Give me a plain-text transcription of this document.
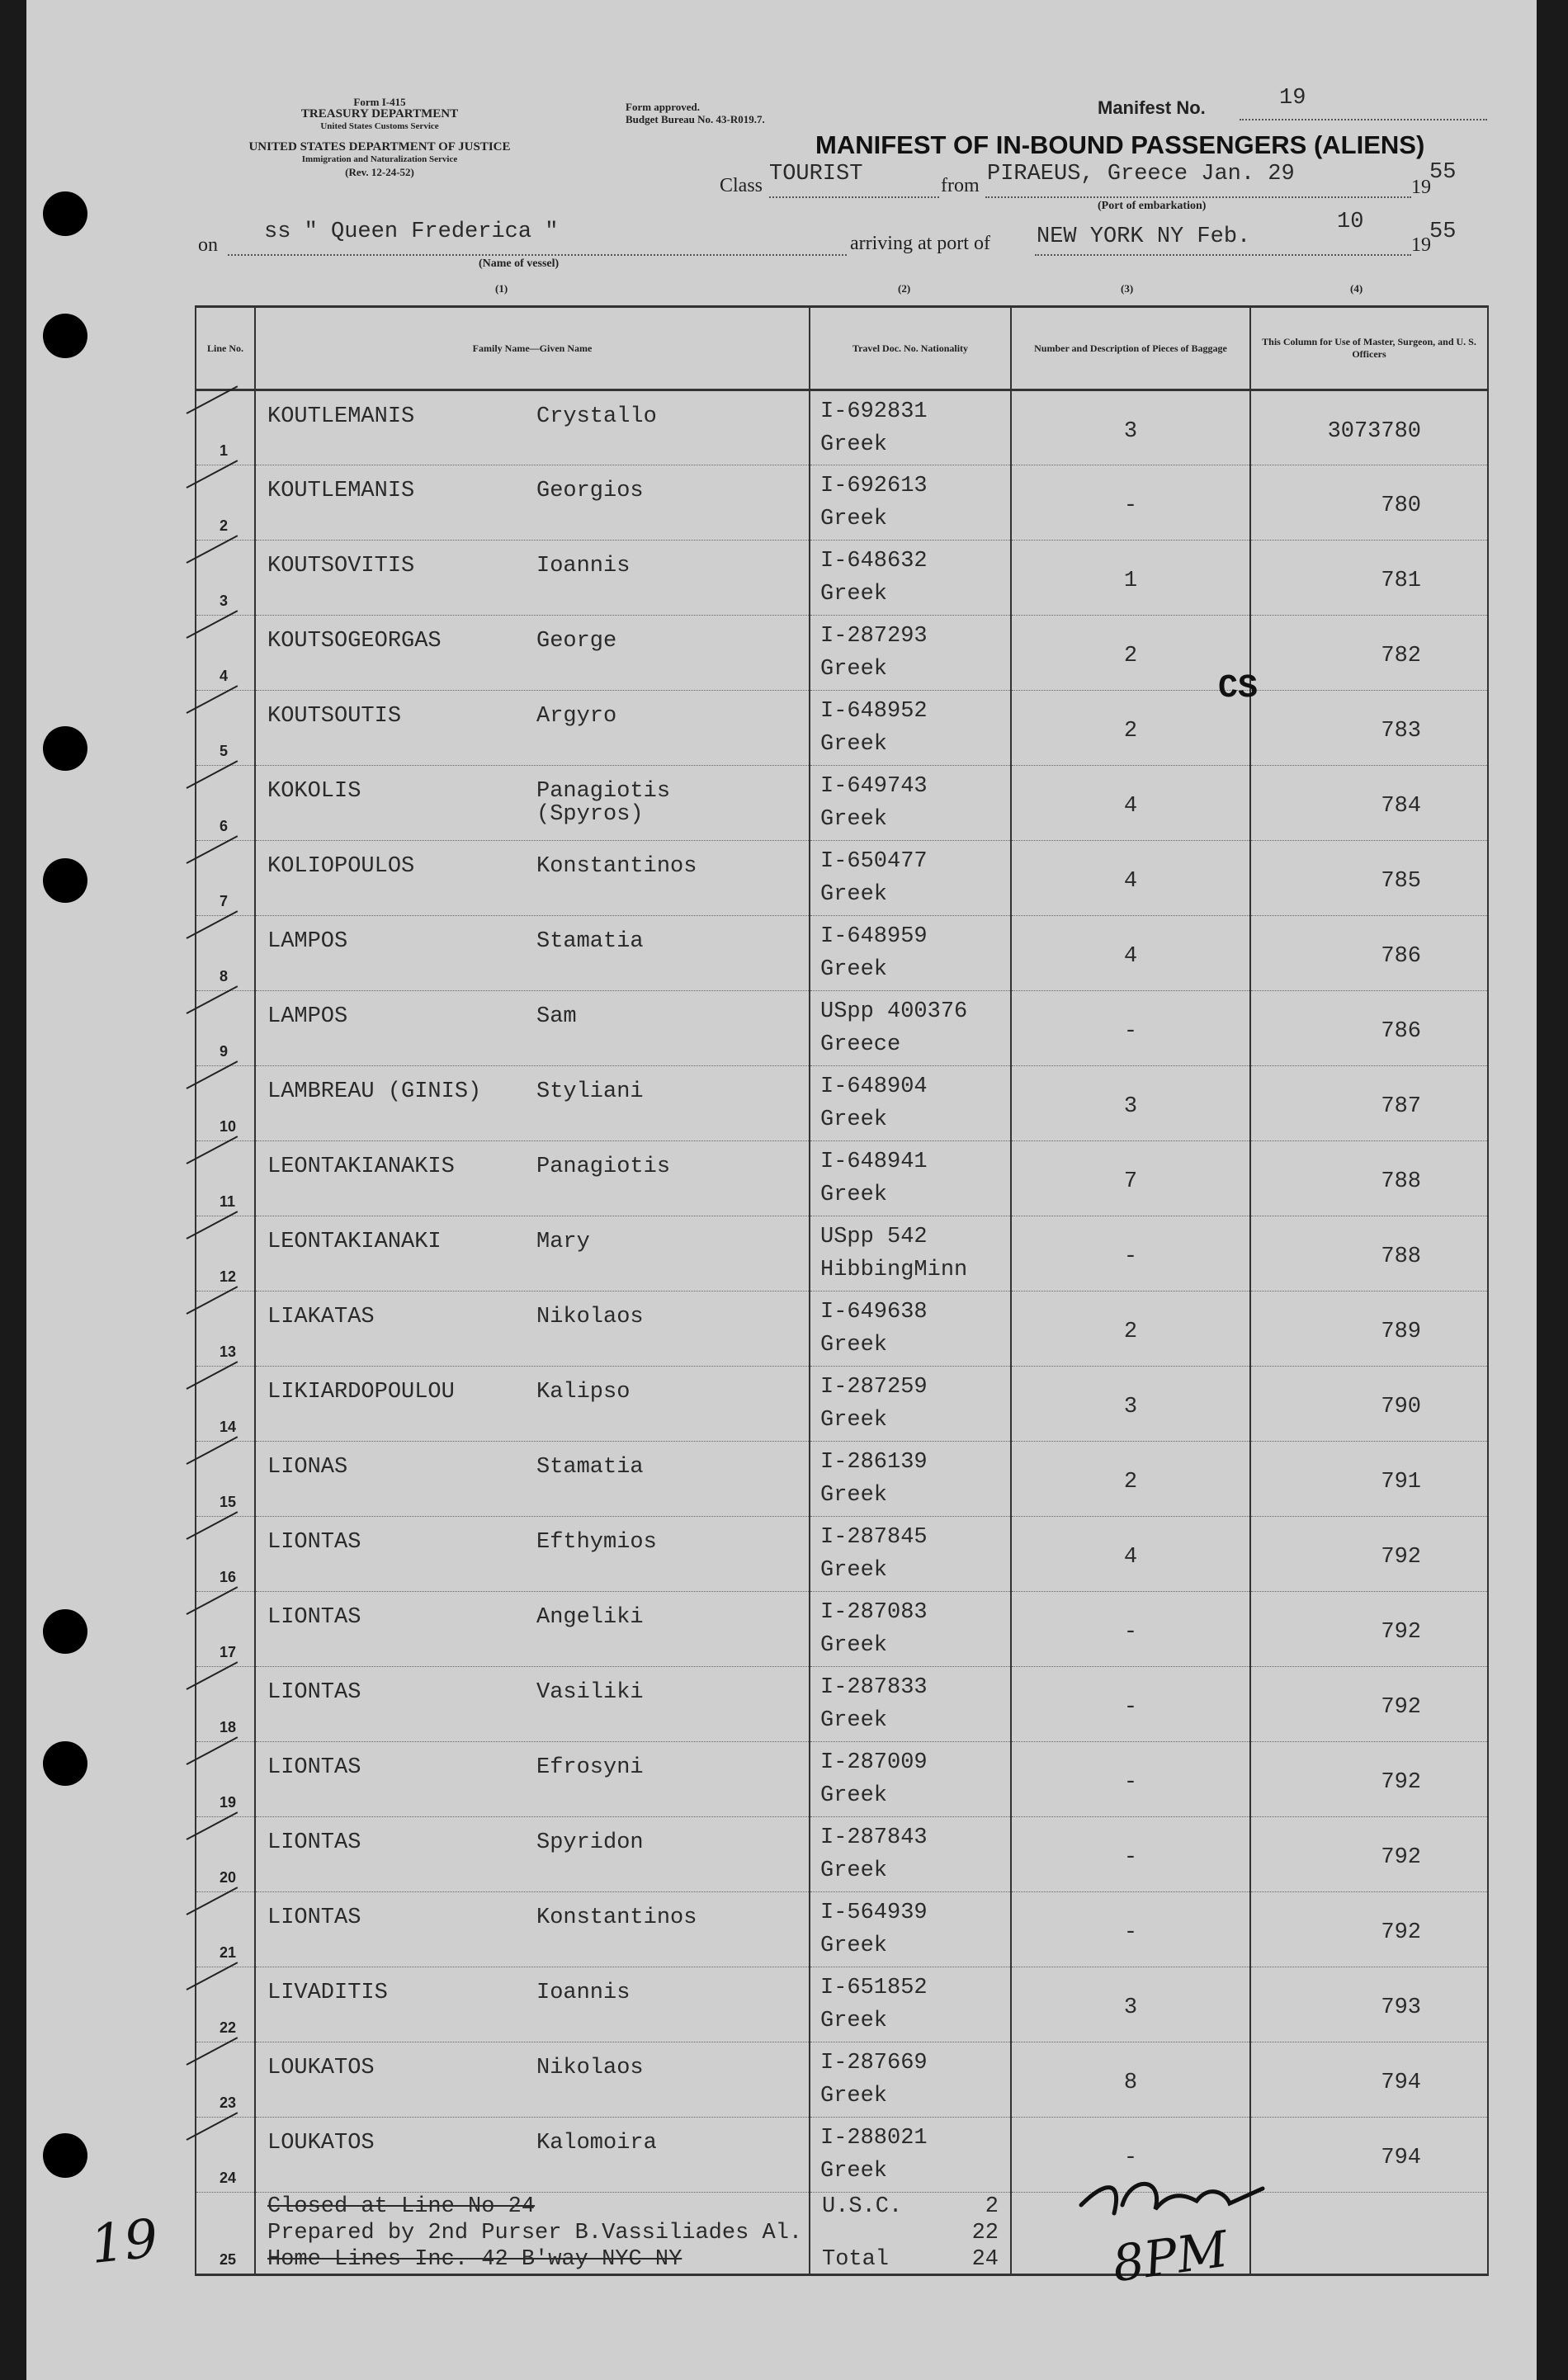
Form I-415
TREASURY DEPARTMENT
United States Customs Service
UNITED STATES DEPARTMENT OF JUSTICE
Immigration and Naturalization Service
(Rev. 12-24-52)
Form approved.
Budget Bureau No. 43-R019.7.
Manifest No.	19
MANIFEST OF IN-BOUND PASSENGERS (ALIENS)
Class TOURIST	from PIRAEUS, Greece Jan. 29
19
55
(Port of embarkation)
on
ss " Queen Frederica "
(Name of vessel)
arriving at port of NEW YORK NY Feb.
10
19
55
(1)	(2)	(3)	(4)
Line No.	Family Name—Given Name	Travel Doc. No. Nationality	Number and Description of Pieces of Baggage	This Column for Use of Master, Surgeon, and U. S. Officers

1	KOUTLEMANIS Crystallo	I-692831
Greek	3	3073780

2	KOUTLEMANIS Georgios	I-692613
Greek	-	780

3	KOUTSOVITIS Ioannis	I-648632
Greek	1	781

4	KOUTSOGEORGAS George	I-287293
Greek	2	782

5	KOUTSOUTIS Argyro	I-648952
Greek	2	783

6	KOKOLIS Panagiotis
(Spyros)	I-649743
Greek	4	784

7	KOLIOPOULOS Konstantinos	I-650477
Greek	4	785

8	LAMPOS Stamatia	I-648959
Greek	4	786

9	LAMPOS Sam	USpp 400376
Greece	-	786

10	LAMBREAU (GINIS) Styliani	I-648904
Greek	3	787

11	LEONTAKIANAKIS Panagiotis	I-648941
Greek	7	788

12	LEONTAKIANAKI Mary	USpp 542
HibbingMinn	-	788

13	LIAKATAS Nikolaos	I-649638
Greek	2	789

14	LIKIARDOPOULOU Kalipso	I-287259
Greek	3	790

15	LIONAS Stamatia	I-286139
Greek	2	791

16	LIONTAS Efthymios	I-287845
Greek	4	792

17	LIONTAS Angeliki	I-287083
Greek	-	792

18	LIONTAS Vasiliki	I-287833
Greek	-	792

19	LIONTAS Efrosyni	I-287009
Greek	-	792

20	LIONTAS Spyridon	I-287843
Greek	-	792

21	LIONTAS Konstantinos	I-564939
Greek	-	792

22	LIVADITIS Ioannis	I-651852
Greek	3	793

23	LOUKATOS Nikolaos	I-287669
Greek	8	794

24	LOUKATOS Kalomoira	I-288021
Greek	-	794

25	Closed at Line No 24
Prepared by 2nd Purser B.Vassiliades Al.
Home Lines Inc. 42 B'way NYC NY	U.S.C. 2
22
Total 24		

CS
19	8PM
